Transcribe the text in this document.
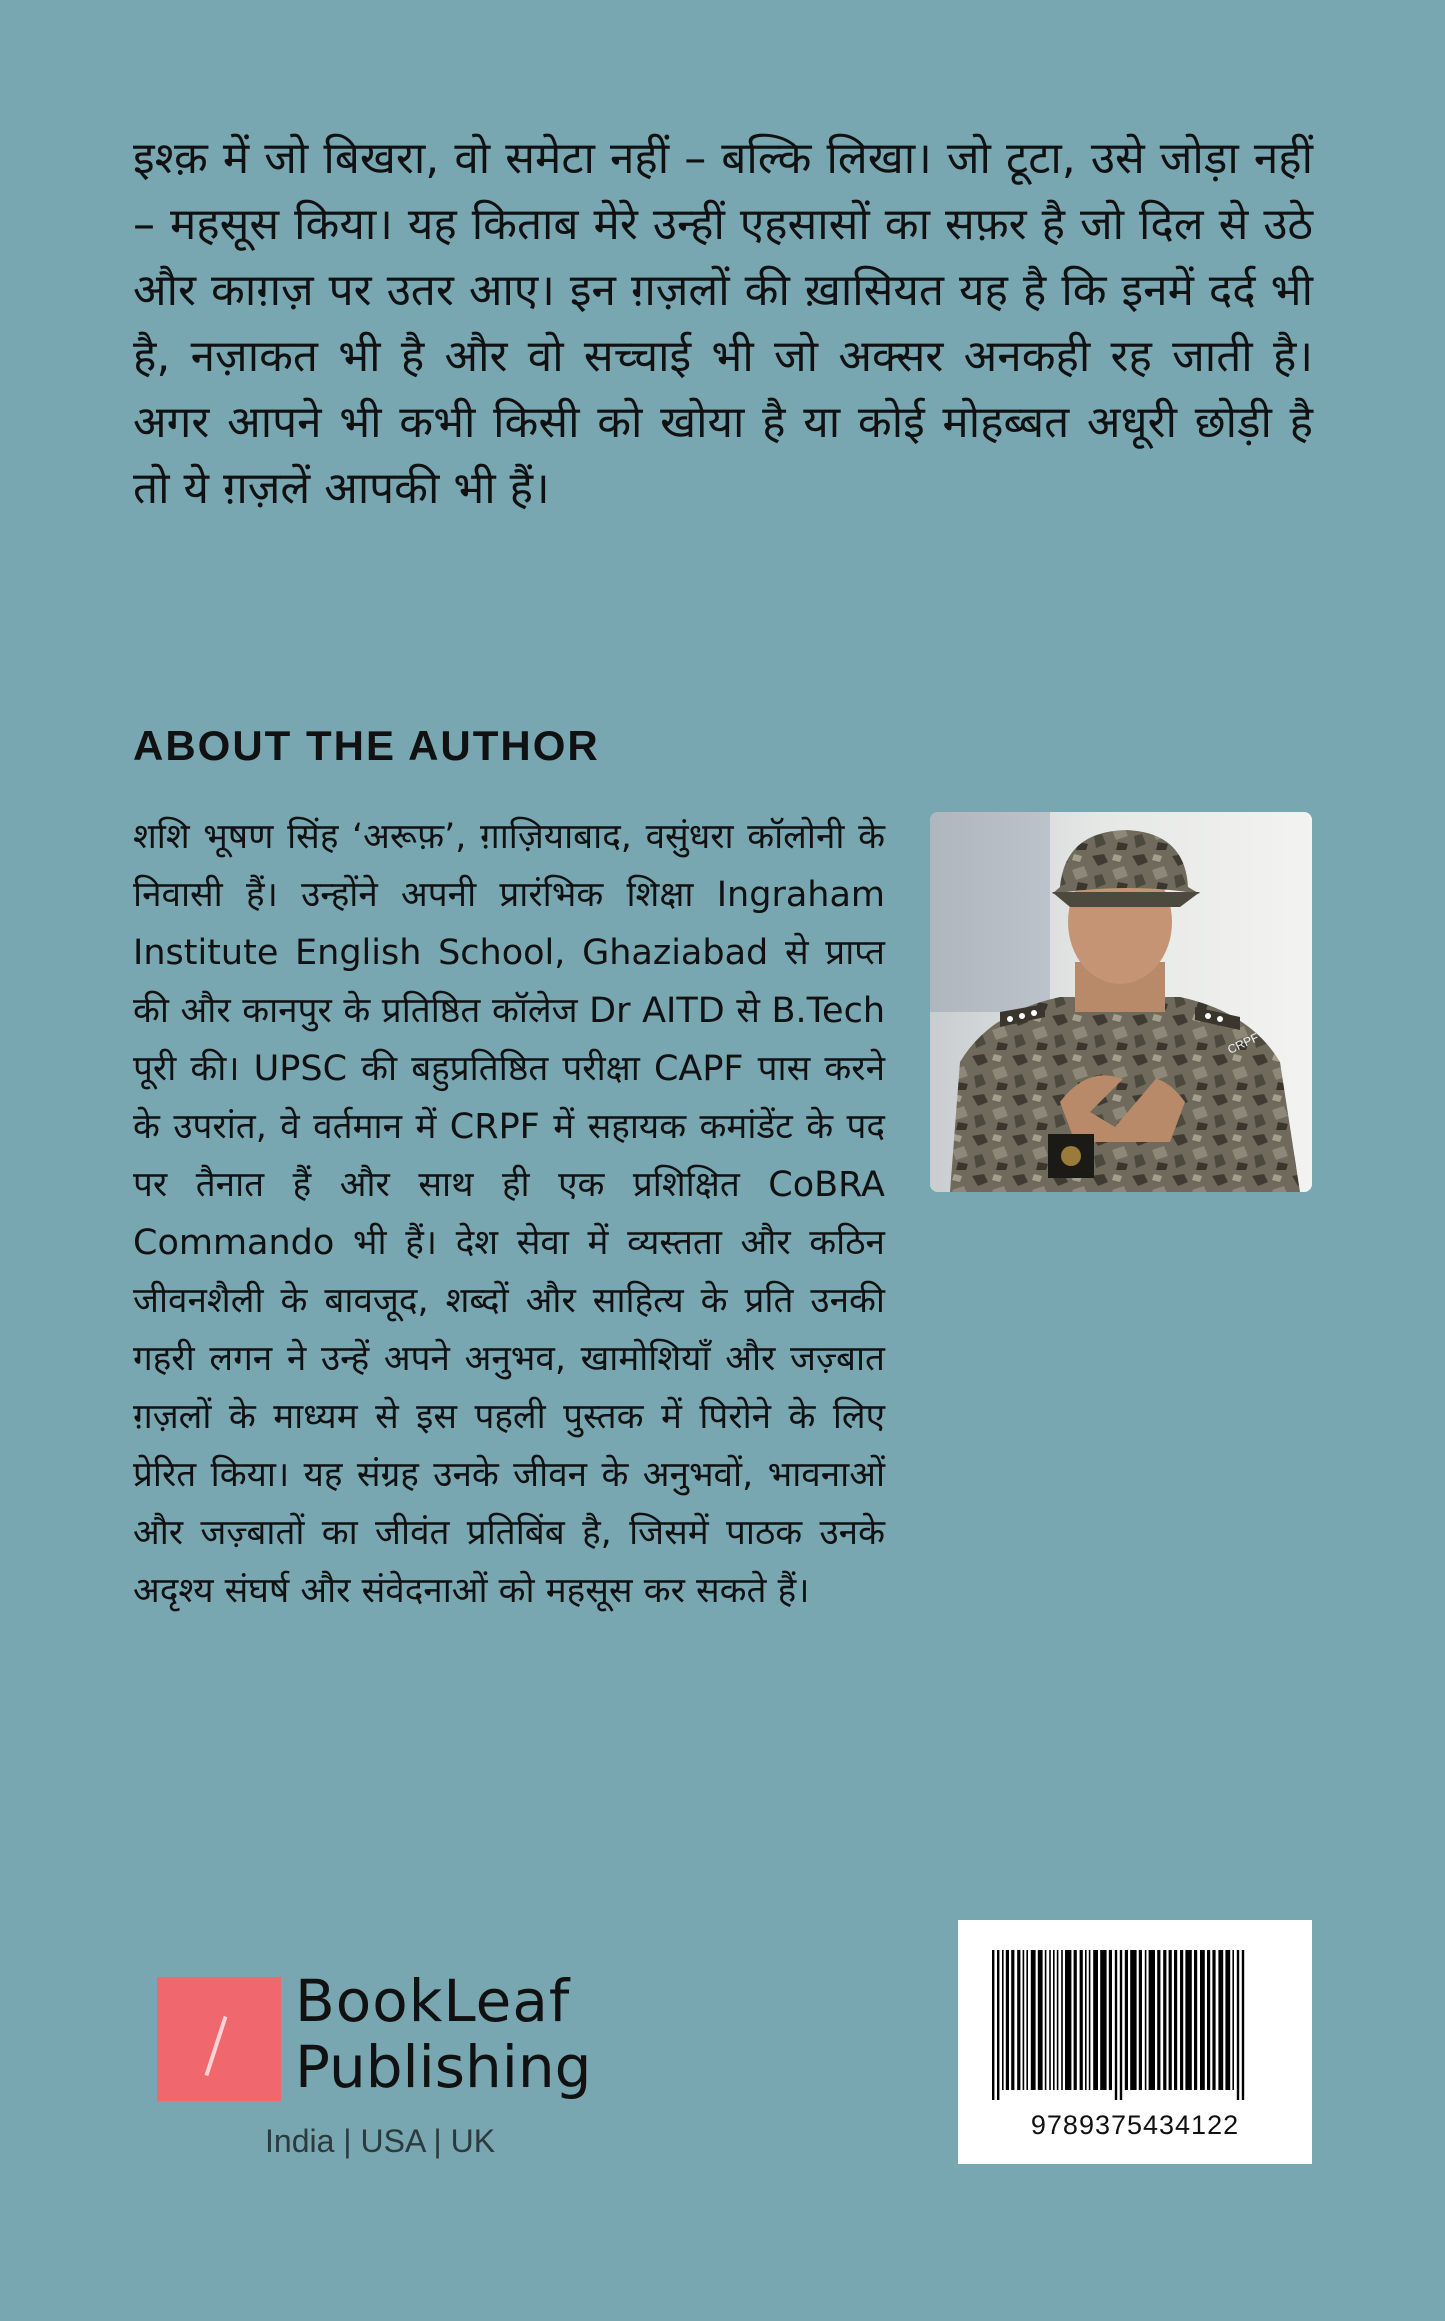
इश्क़ में जो बिखरा, वो समेटा नहीं – बल्कि लिखा। जो टूटा, उसे जोड़ा नहीं – महसूस किया। यह किताब मेरे उन्हीं एहसासों का सफ़र है जो दिल से उठे और काग़ज़ पर उतर आए। इन ग़ज़लों की ख़ासियत यह है कि इनमें दर्द भी है, नज़ाकत भी है और वो सच्चाई भी जो अक्सर अनकही रह जाती है। अगर आपने भी कभी किसी को खोया है या कोई मोहब्बत अधूरी छोड़ी है तो ये ग़ज़लें आपकी भी हैं।

ABOUT THE AUTHOR

शशि भूषण सिंह ‘अरूफ़’, ग़ाज़ियाबाद, वसुंधरा कॉलोनी के निवासी हैं। उन्होंने अपनी प्रारंभिक शिक्षा Ingraham Institute English School, Ghaziabad से प्राप्त की और कानपुर के प्रतिष्ठित कॉलेज Dr AITD से B.Tech पूरी की। UPSC की बहुप्रतिष्ठित परीक्षा CAPF पास करने के उपरांत, वे वर्तमान में CRPF में सहायक कमांडेंट के पद पर तैनात हैं और साथ ही एक प्रशिक्षित CoBRA Commando भी हैं। देश सेवा में व्यस्तता और कठिन जीवनशैली के बावजूद, शब्दों और साहित्य के प्रति उनकी गहरी लगन ने उन्हें अपने अनुभव, खामोशियाँ और जज़्बात ग़ज़लों के माध्यम से इस पहली पुस्तक में पिरोने के लिए प्रेरित किया। यह संग्रह उनके जीवन के अनुभवों, भावनाओं और जज़्बातों का जीवंत प्रतिबिंब है, जिसमें पाठक उनके अदृश्य संघर्ष और संवेदनाओं को महसूस कर सकते हैं।

CRPF
BookLeaf
Publishing
India | USA | UK	9789375434122
